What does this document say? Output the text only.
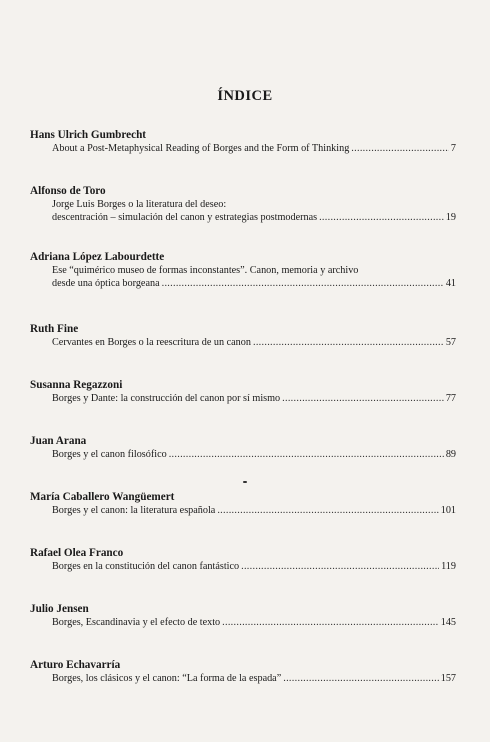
ÍNDICE
Hans Ulrich Gumbrecht
About a Post-Metaphysical Reading of Borges and the Form of Thinking .....	7
Alfonso de Toro
Jorge Luis Borges o la literatura del deseo:
descentración – simulación del canon y estrategias postmodernas .....	19
Adriana López Labourdette
Ese “quimérico museo de formas inconstantes”. Canon, memoria y archivo
desde una óptica borgeana .....	41
Ruth Fine
Cervantes en Borges o la reescritura de un canon .....	57
Susanna Regazzoni
Borges y Dante: la construcción del canon por sí mismo .....	77
Juan Arana
Borges y el canon filosófico .....	89
María Caballero Wangüemert
Borges y el canon: la literatura española .....	101
Rafael Olea Franco
Borges en la constitución del canon fantástico .....	119
Julio Jensen
Borges, Escandinavia y el efecto de texto .....	145
Arturo Echavarría
Borges, los clásicos y el canon: “La forma de la espada” .....	157
